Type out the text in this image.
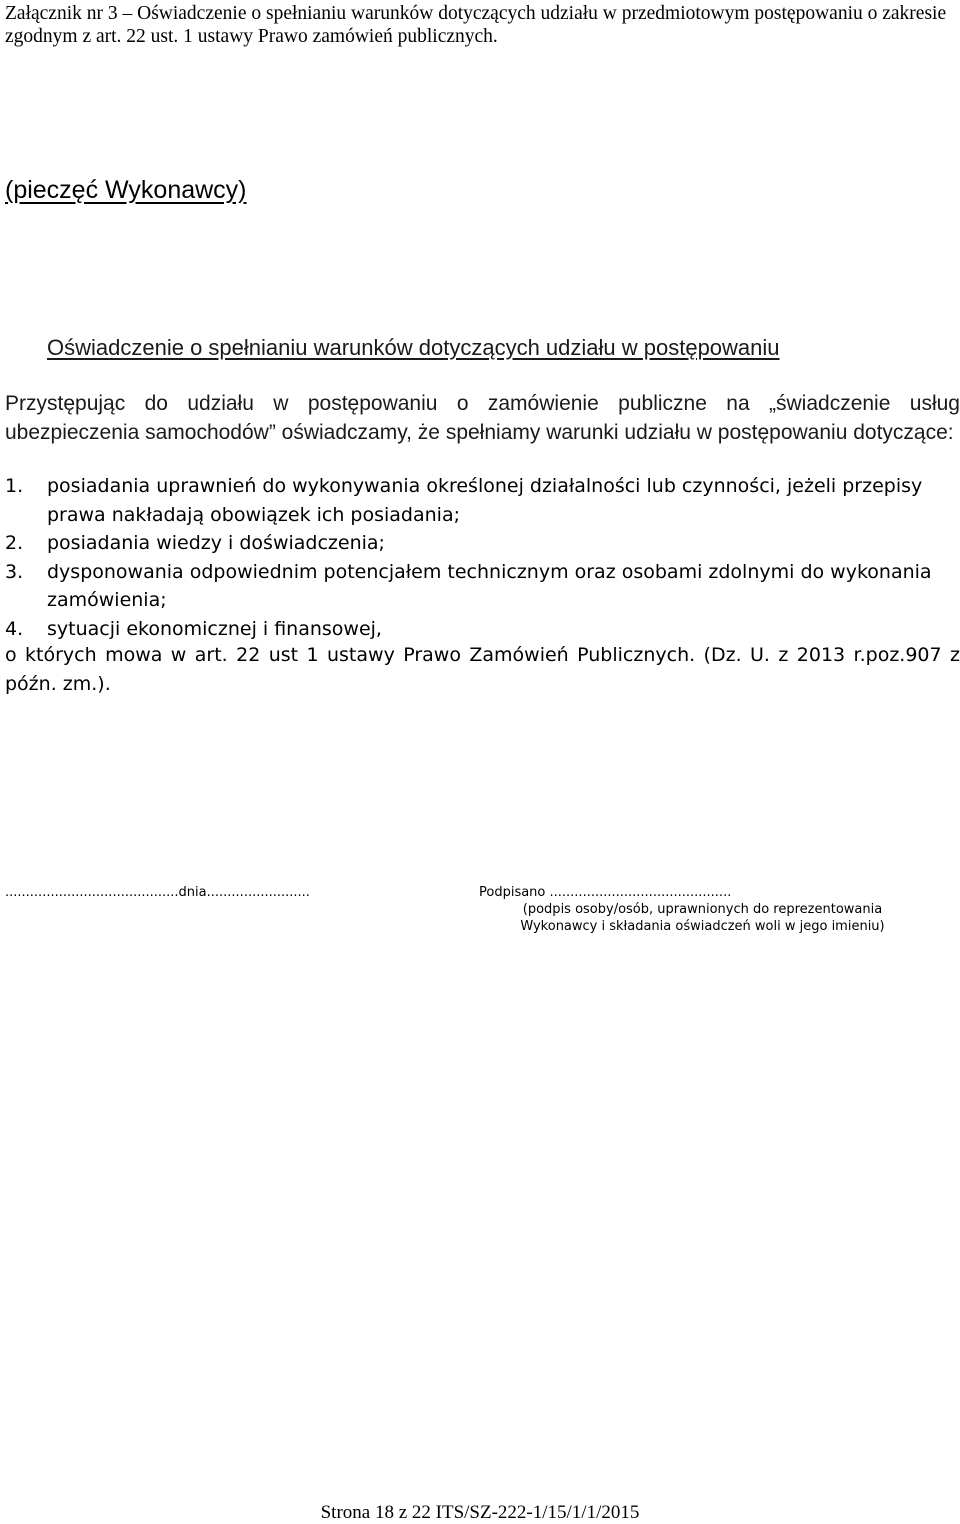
Załącznik nr 3 – Oświadczenie o spełnianiu warunków dotyczących udziału w przedmiotowym postępowaniu o zakresie zgodnym z art. 22 ust. 1 ustawy Prawo zamówień publicznych.

(pieczęć Wykonawcy)

Oświadczenie o spełnianiu warunków dotyczących udziału w postępowaniu

Przystępując do udziału w postępowaniu o zamówienie publiczne na „świadczenie usług ubezpieczenia samochodów” oświadczamy, że spełniamy warunki udziału w postępowaniu dotyczące:

1. posiadania uprawnień do wykonywania określonej działalności lub czynności, jeżeli przepisy prawa nakładają obowiązek ich posiadania;
2. posiadania wiedzy i doświadczenia;
3. dysponowania odpowiednim potencjałem technicznym oraz osobami zdolnymi do wykonania zamówienia;
4. sytuacji ekonomicznej i finansowej,

o których mowa w art. 22 ust 1 ustawy Prawo Zamówień Publicznych. (Dz. U. z 2013 r.poz.907 z późn. zm.).

..........................................dnia.........................	Podpisano ............................................

(podpis osoby/osób, uprawnionych do reprezentowania
Wykonawcy i składania oświadczeń woli w jego imieniu)

Strona 18 z 22 ITS/SZ-222-1/15/1/1/2015
